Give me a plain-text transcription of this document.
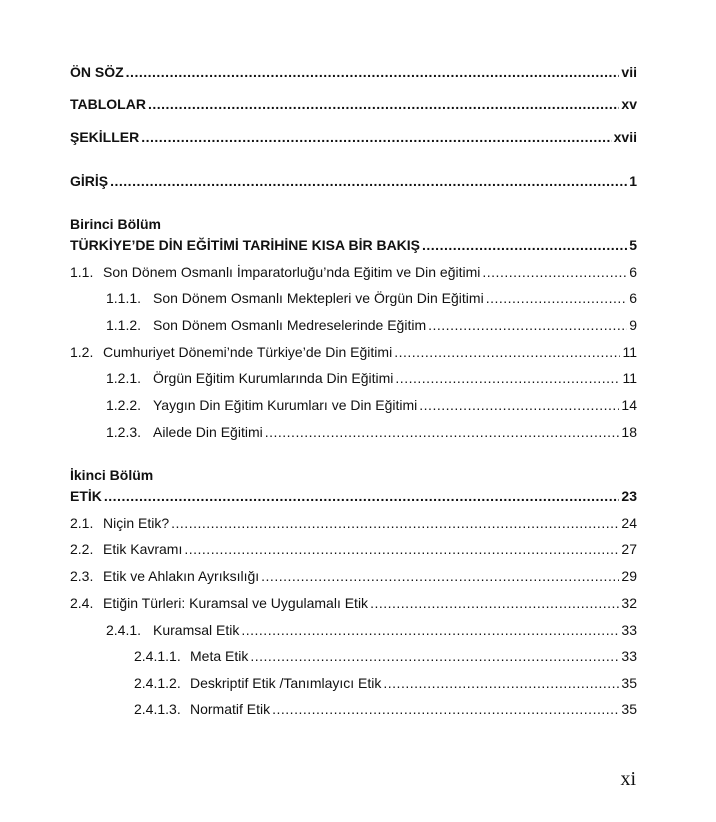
ÖN SÖZ .....	vii
TABLOLAR .....	xv
ŞEKİLLER .....	xvii
GİRİŞ .....	1
Birinci Bölüm
TÜRKİYE’DE DİN EĞİTİMİ TARİHİNE KISA BİR BAKIŞ .....	5
1.1. Son Dönem Osmanlı İmparatorluğu’nda Eğitim ve Din eğitimi .....	6
1.1.1. Son Dönem Osmanlı Mektepleri ve Örgün Din Eğitimi .....	6
1.1.2. Son Dönem Osmanlı Medreselerinde Eğitim .....	9
1.2. Cumhuriyet Dönemi’nde Türkiye’de Din Eğitimi .....	11
1.2.1. Örgün Eğitim Kurumlarında Din Eğitimi .....	11
1.2.2. Yaygın Din Eğitim Kurumları ve Din Eğitimi .....	14
1.2.3. Ailede Din Eğitimi .....	18
İkinci Bölüm
ETİK .....	23
2.1. Niçin Etik? .....	24
2.2. Etik Kavramı .....	27
2.3. Etik ve Ahlakın Ayrıksılığı .....	29
2.4. Etiğin Türleri: Kuramsal ve Uygulamalı Etik .....	32
2.4.1. Kuramsal Etik .....	33
2.4.1.1. Meta Etik .....	33
2.4.1.2. Deskriptif Etik /Tanımlayıcı Etik .....	35
2.4.1.3. Normatif Etik .....	35
xi
